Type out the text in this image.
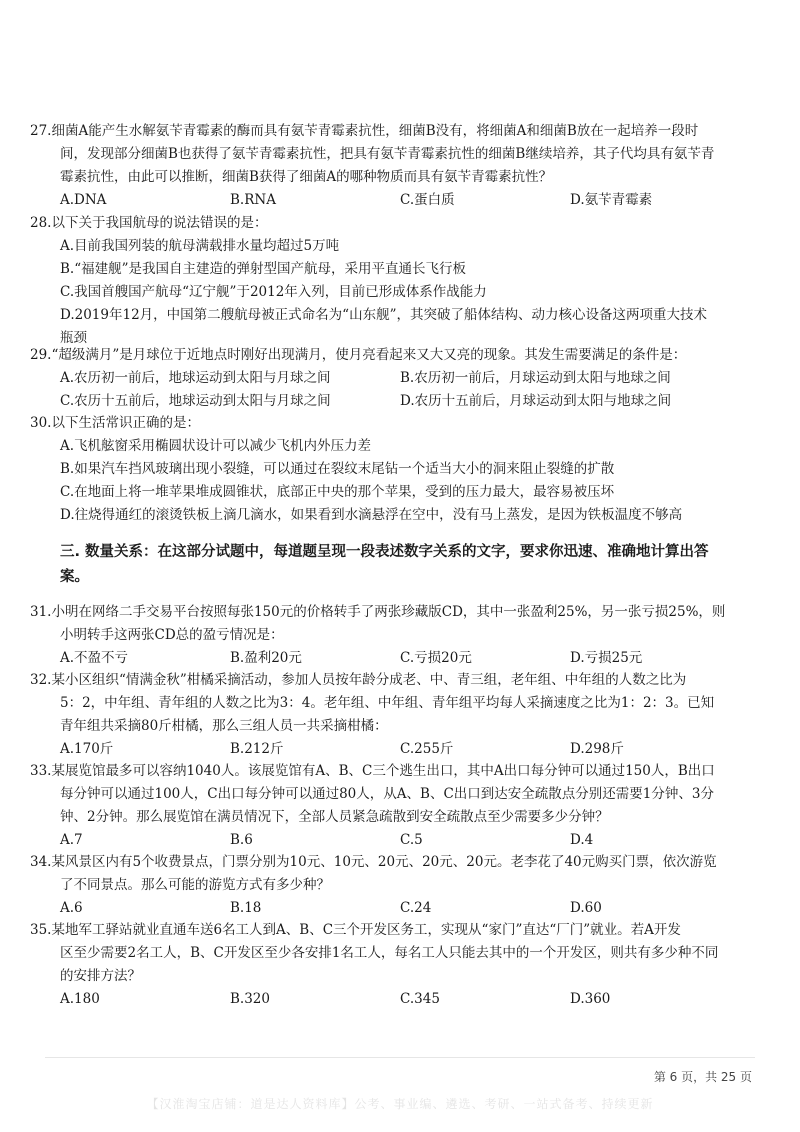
27.细菌A能产生水解氨苄青霉素的酶而具有氨苄青霉素抗性，细菌B没有，将细菌A和细菌B放在一起培养一段时
间，发现部分细菌B也获得了氨苄青霉素抗性，把具有氨苄青霉素抗性的细菌B继续培养，其子代均具有氨苄青
霉素抗性，由此可以推断，细菌B获得了细菌A的哪种物质而具有氨苄青霉素抗性？
A.DNA	B.RNA	C.蛋白质	D.氨苄青霉素
28.以下关于我国航母的说法错误的是：
A.目前我国列装的航母满载排水量均超过5万吨
B.“福建舰”是我国自主建造的弹射型国产航母，采用平直通长飞行板
C.我国首艘国产航母“辽宁舰”于2012年入列，目前已形成体系作战能力
D.2019年12月，中国第二艘航母被正式命名为“山东舰”，其突破了船体结构、动力核心设备这两项重大技术
瓶颈
29.“超级满月”是月球位于近地点时刚好出现满月，使月亮看起来又大又亮的现象。其发生需要满足的条件是：
A.农历初一前后，地球运动到太阳与月球之间	B.农历初一前后，月球运动到太阳与地球之间
C.农历十五前后，地球运动到太阳与月球之间	D.农历十五前后，月球运动到太阳与地球之间
30.以下生活常识正确的是：
A.飞机舷窗采用椭圆状设计可以减少飞机内外压力差
B.如果汽车挡风玻璃出现小裂缝，可以通过在裂纹末尾钻一个适当大小的洞来阻止裂缝的扩散
C.在地面上将一堆苹果堆成圆锥状，底部正中央的那个苹果，受到的压力最大，最容易被压坏
D.往烧得通红的滚烫铁板上滴几滴水，如果看到水滴悬浮在空中，没有马上蒸发，是因为铁板温度不够高
三. 数量关系：在这部分试题中，每道题呈现一段表述数字关系的文字，要求你迅速、准确地计算出答
案。
31.小明在网络二手交易平台按照每张150元的价格转手了两张珍藏版CD，其中一张盈利25%，另一张亏损25%，则
小明转手这两张CD总的盈亏情况是：
A.不盈不亏	B.盈利20元	C.亏损20元	D.亏损25元
32.某小区组织“情满金秋”柑橘采摘活动，参加人员按年龄分成老、中、青三组，老年组、中年组的人数之比为
5：2，中年组、青年组的人数之比为3：4。老年组、中年组、青年组平均每人采摘速度之比为1：2：3。已知
青年组共采摘80斤柑橘，那么三组人员一共采摘柑橘：
A.170斤	B.212斤	C.255斤	D.298斤
33.某展览馆最多可以容纳1040人。该展览馆有A、B、C三个逃生出口，其中A出口每分钟可以通过150人，B出口
每分钟可以通过100人，C出口每分钟可以通过80人，从A、B、C出口到达安全疏散点分别还需要1分钟、3分
钟、2分钟。那么展览馆在满员情况下，全部人员紧急疏散到安全疏散点至少需要多少分钟？
A.7	B.6	C.5	D.4
34.某风景区内有5个收费景点，门票分别为10元、10元、20元、20元、20元。老李花了40元购买门票，依次游览
了不同景点。那么可能的游览方式有多少种？
A.6	B.18	C.24	D.60
35.某地军工驿站就业直通车送6名工人到A、B、C三个开发区务工，实现从“家门”直达“厂门”就业。若A开发
区至少需要2名工人，B、C开发区至少各安排1名工人，每名工人只能去其中的一个开发区，则共有多少种不同
的安排方法？
A.180	B.320	C.345	D.360
第 6 页，共 25 页
【汉淮淘宝店铺：道是达人资料库】公考、事业编、遴选、考研、一站式备考、持续更新
